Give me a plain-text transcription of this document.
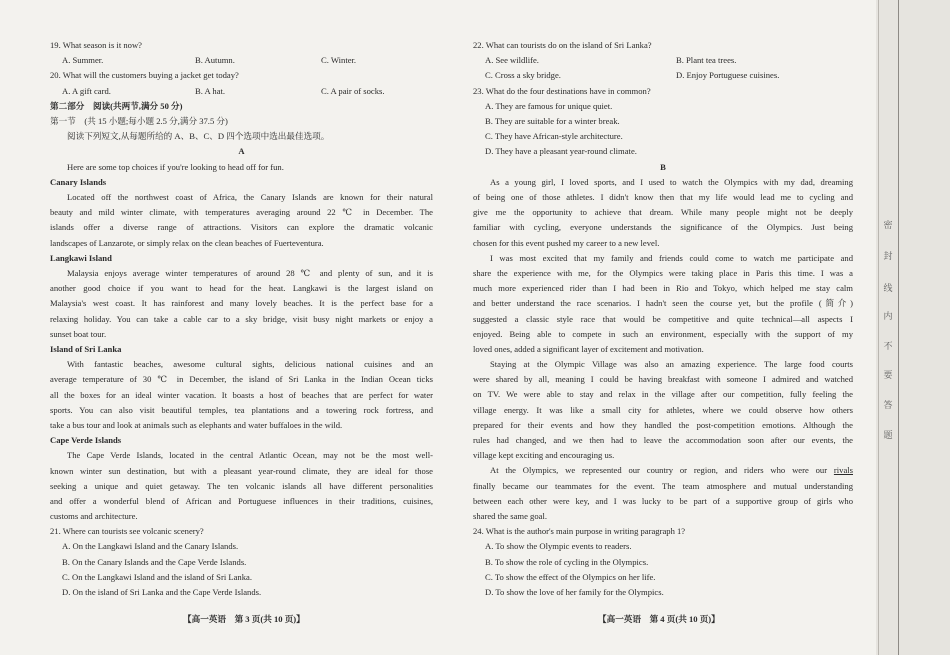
19. What season is it now?
A. Summer.	B. Autumn.	C. Winter.
20. What will the customers buying a jacket get today?
A. A gift card.	B. A hat.	C. A pair of socks.
第二部分　阅读(共两节,满分 50 分)
第一节　(共 15 小题;每小题 2.5 分,满分 37.5 分)
阅读下列短文,从每题所给的 A、B、C、D 四个选项中选出最佳选项。
A
Here are some top choices if you're looking to head off for fun.
Canary Islands
Located off the northwest coast of Africa, the Canary Islands are known for their natural
beauty and mild winter climate, with temperatures averaging around 22 ℃ in December. The
islands offer a diverse range of attractions. Visitors can explore the dramatic volcanic
landscapes of Lanzarote, or simply relax on the clean beaches of Fuerteventura.
Langkawi Island
Malaysia enjoys average winter temperatures of around 28 ℃ and plenty of sun, and it is
another good choice if you want to head for the heat. Langkawi is the largest island on
Malaysia's west coast. It has rainforest and many lovely beaches. It is the perfect base for a
relaxing holiday. You can take a cable car to a sky bridge, visit busy night markets or enjoy a
sunset boat tour.
Island of Sri Lanka
With fantastic beaches, awesome cultural sights, delicious national cuisines and an
average temperature of 30 ℃ in December, the island of Sri Lanka in the Indian Ocean ticks
all the boxes for an ideal winter vacation. It boasts a host of beaches that are perfect for water
sports. You can also visit beautiful temples, tea plantations and a towering rock fortress, and
take a bus tour and look at animals such as elephants and water buffaloes in the wild.
Cape Verde Islands
The Cape Verde Islands, located in the central Atlantic Ocean, may not be the most well-
known winter sun destination, but with a pleasant year-round climate, they are ideal for those
seeking a unique and quiet getaway. The ten volcanic islands all have different personalities
and offer a wonderful blend of African and Portuguese influences in their traditions, cuisines,
customs and architecture.
21. Where can tourists see volcanic scenery?
A. On the Langkawi Island and the Canary Islands.
B. On the Canary Islands and the Cape Verde Islands.
C. On the Langkawi Island and the island of Sri Lanka.
D. On the island of Sri Lanka and the Cape Verde Islands.
22. What can tourists do on the island of Sri Lanka?
A. See wildlife.	B. Plant tea trees.
C. Cross a sky bridge.	D. Enjoy Portuguese cuisines.
23. What do the four destinations have in common?
A. They are famous for unique quiet.
B. They are suitable for a winter break.
C. They have African-style architecture.
D. They have a pleasant year-round climate.
B
As a young girl, I loved sports, and I used to watch the Olympics with my dad, dreaming
of being one of those athletes. I didn't know then that my life would lead me to cycling and
give me the opportunity to achieve that dream. While many people might not be deeply
familiar with cycling, everyone understands the significance of the Olympics. Just being
chosen for this event pushed my career to a new level.
I was most excited that my family and friends could come to watch me participate and
share the experience with me, for the Olympics were taking place in Paris this time. I was a
much more experienced rider than I had been in Rio and Tokyo, which helped me stay calm
and better understand the race scenarios. I hadn't seen the course yet, but the profile (简介)
suggested a classic style race that would be competitive and quite technical—all aspects I
enjoyed. Being able to compete in such an environment, especially with the support of my
loved ones, added a significant layer of excitement and motivation.
Staying at the Olympic Village was also an amazing experience. The large food courts
were shared by all, meaning I could be having breakfast with someone I admired and watched
on TV. We were able to stay and relax in the village after our competition, fully feeling the
village energy. It was like a small city for athletes, where we could observe how others
prepared for their events and how they handled the post-competition emotions. Although the
rules had changed, and we then had to leave the accommodation soon after our events, the
village kept exciting and encouraging us.
At the Olympics, we represented our country or region, and riders who were our rivals
finally became our teammates for the event. The team atmosphere and mutual understanding
between each other were key, and I was lucky to be part of a supportive group of girls who
shared the same goal.
24. What is the author's main purpose in writing paragraph 1?
A. To show the Olympic events to readers.
B. To show the role of cycling in the Olympics.
C. To show the effect of the Olympics on her life.
D. To show the love of her family for the Olympics.
【高一英语　第 3 页(共 10 页)】	【高一英语　第 4 页(共 10 页)】
密
封
线
内
不
要
答
题
